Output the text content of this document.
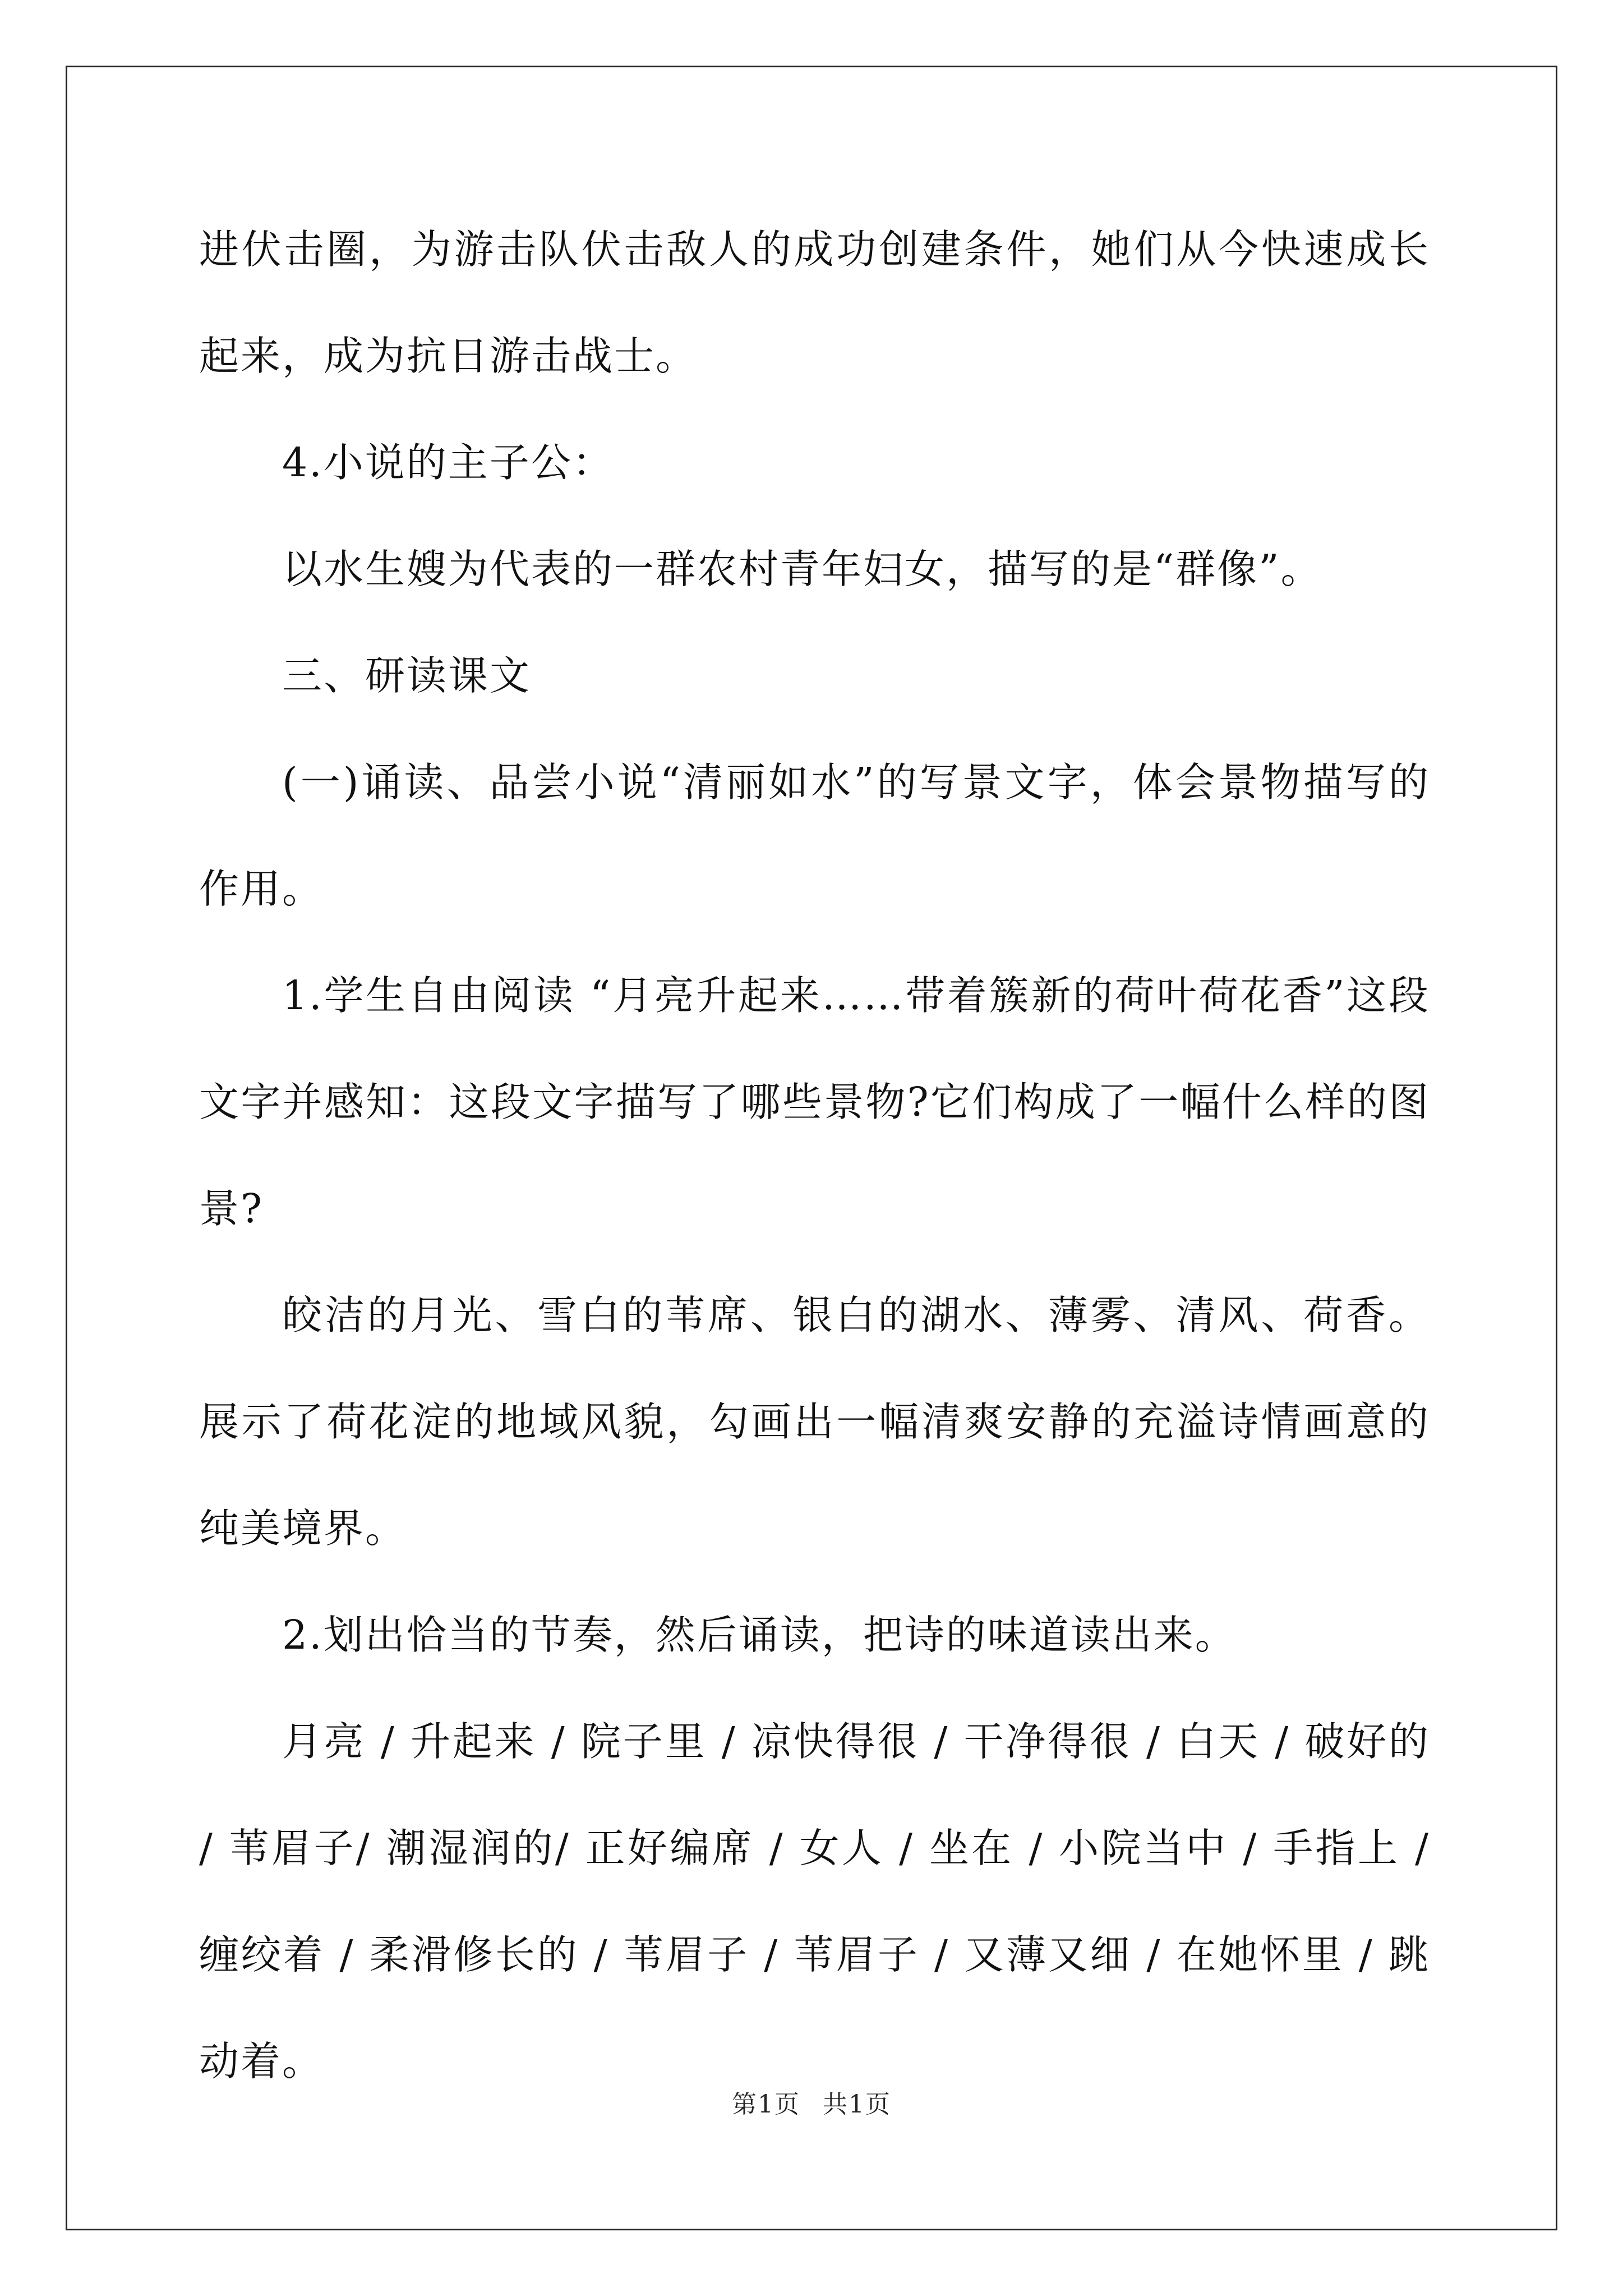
进伏击圈，为游击队伏击敌人的成功创建条件，她们从今快速成长起来，成为抗日游击战士。

4.小说的主子公：

以水生嫂为代表的一群农村青年妇女，描写的是“群像”。

三、研读课文

(一)诵读、品尝小说“清丽如水”的写景文字，体会景物描写的作用。

1.学生自由阅读 “月亮升起来……带着簇新的荷叶荷花香”这段文字并感知：这段文字描写了哪些景物?它们构成了一幅什么样的图景?

皎洁的月光、雪白的苇席、银白的湖水、薄雾、清风、荷香。展示了荷花淀的地域风貌，勾画出一幅清爽安静的充溢诗情画意的纯美境界。

2.划出恰当的节奏，然后诵读，把诗的味道读出来。

月亮 / 升起来 / 院子里 / 凉快得很 / 干净得很 / 白天 / 破好的 / 苇眉子/ 潮湿润的/ 正好编席 / 女人 / 坐在 / 小院当中 / 手指上 / 缠绞着 / 柔滑修长的 / 苇眉子 / 苇眉子 / 又薄又细 / 在她怀里 / 跳动着。

第1页 共1页
